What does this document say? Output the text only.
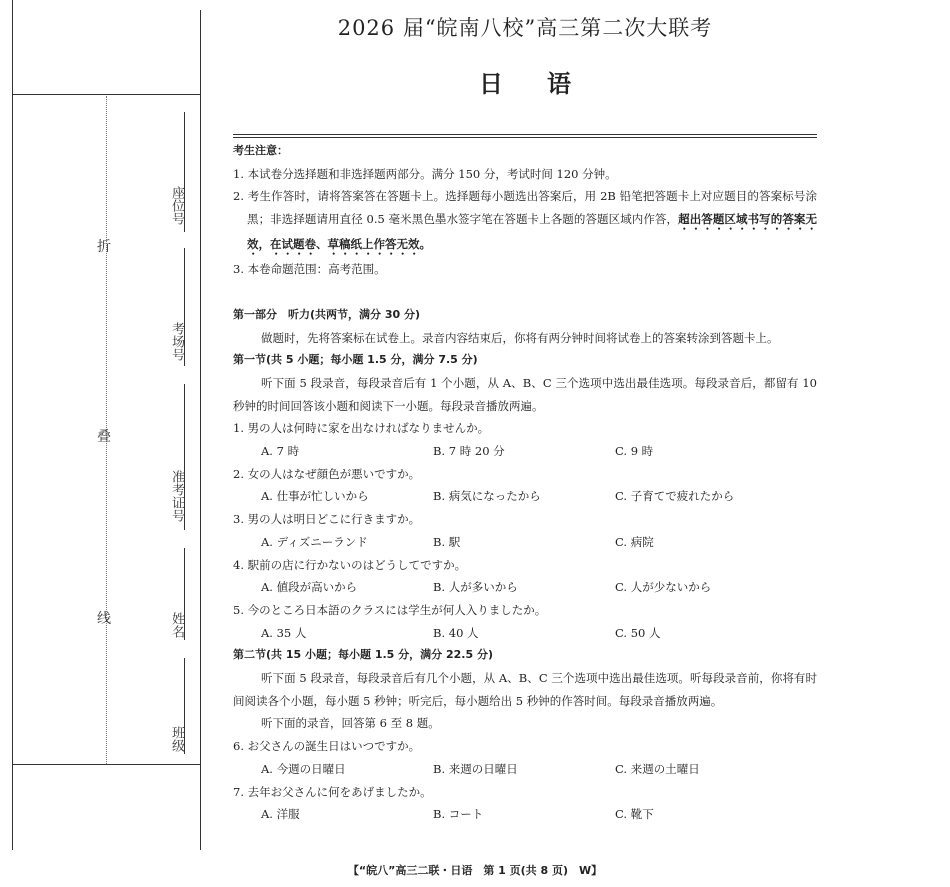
折
叠
线
座位号
考场号
准考证号
姓名
班级
2026 届“皖南八校”高三第二次大联考
日语

考生注意：

1. 本试卷分选择题和非选择题两部分。满分 150 分，考试时间 120 分钟。

2. 考生作答时，请将答案答在答题卡上。选择题每小题选出答案后，用 2B 铅笔把答题卡上对应题目的答案标号涂黑；非选择题请用直径 0.5 毫米黑色墨水签字笔在答题卡上各题的答题区域内作答，超出答题区域书写的答案无效，在试题卷、草稿纸上作答无效。

3. 本卷命题范围：高考范围。

第一部分　听力(共两节，满分 30 分)

做题时，先将答案标在试卷上。录音内容结束后，你将有两分钟时间将试卷上的答案转涂到答题卡上。

第一节(共 5 小题；每小题 1.5 分，满分 7.5 分)

听下面 5 段录音，每段录音后有 1 个小题，从 A、B、C 三个选项中选出最佳选项。每段录音后，都留有 10 秒钟的时间回答该小题和阅读下一小题。每段录音播放两遍。

1. 男の人は何時に家を出なければなりませんか。

A. 7 時	B. 7 時 20 分	C. 9 時

2. 女の人はなぜ顔色が悪いですか。

A. 仕事が忙しいから	B. 病気になったから	C. 子育てで疲れたから

3. 男の人は明日どこに行きますか。

A. ディズニーランド	B. 駅	C. 病院

4. 駅前の店に行かないのはどうしてですか。

A. 値段が高いから	B. 人が多いから	C. 人が少ないから

5. 今のところ日本語のクラスには学生が何人入りましたか。

A. 35 人	B. 40 人	C. 50 人

第二节(共 15 小题；每小题 1.5 分，满分 22.5 分)

听下面 5 段录音，每段录音后有几个小题，从 A、B、C 三个选项中选出最佳选项。听每段录音前，你将有时间阅读各个小题，每小题 5 秒钟；听完后，每小题给出 5 秒钟的作答时间。每段录音播放两遍。

听下面的录音，回答第 6 至 8 题。

6. お父さんの誕生日はいつですか。

A. 今週の日曜日	B. 来週の日曜日	C. 来週の土曜日

7. 去年お父さんに何をあげましたか。

A. 洋服	B. コート	C. 靴下
【“皖八”高三二联・日语　第 1 页(共 8 页)　W】
